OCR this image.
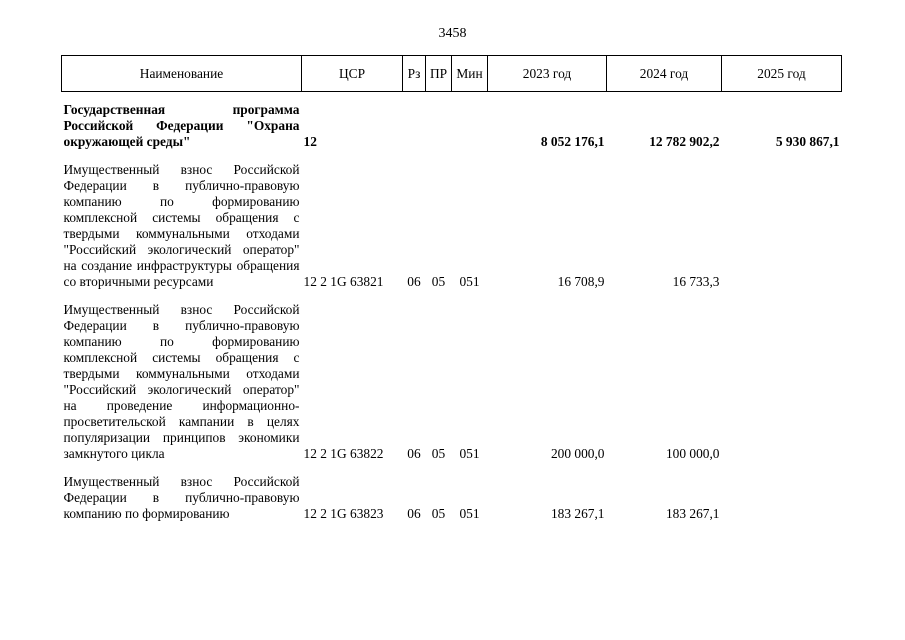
3458
Наименование	ЦСР	Рз	ПР	Мин	2023 год	2024 год	2025 год
Государственная программа Российской Федерации "Охрана окружающей среды"	12				8 052 176,1	12 782 902,2	5 930 867,1
Имущественный взнос Российской Федерации в публично-правовую компанию по формированию комплексной системы обращения с твердыми коммунальными отходами "Российский экологический оператор" на создание инфраструктуры обращения со вторичными ресурсами	12 2 1G 63821	06	05	051	16 708,9	16 733,3	
Имущественный взнос Российской Федерации в публично-правовую компанию по формированию комплексной системы обращения с твердыми коммунальными отходами "Российский экологический оператор" на проведение информационно-просветительской кампании в целях популяризации принципов экономики замкнутого цикла	12 2 1G 63822	06	05	051	200 000,0	100 000,0	
Имущественный взнос Российской Федерации в публично-правовую компанию по формированию	12 2 1G 63823	06	05	051	183 267,1	183 267,1	
